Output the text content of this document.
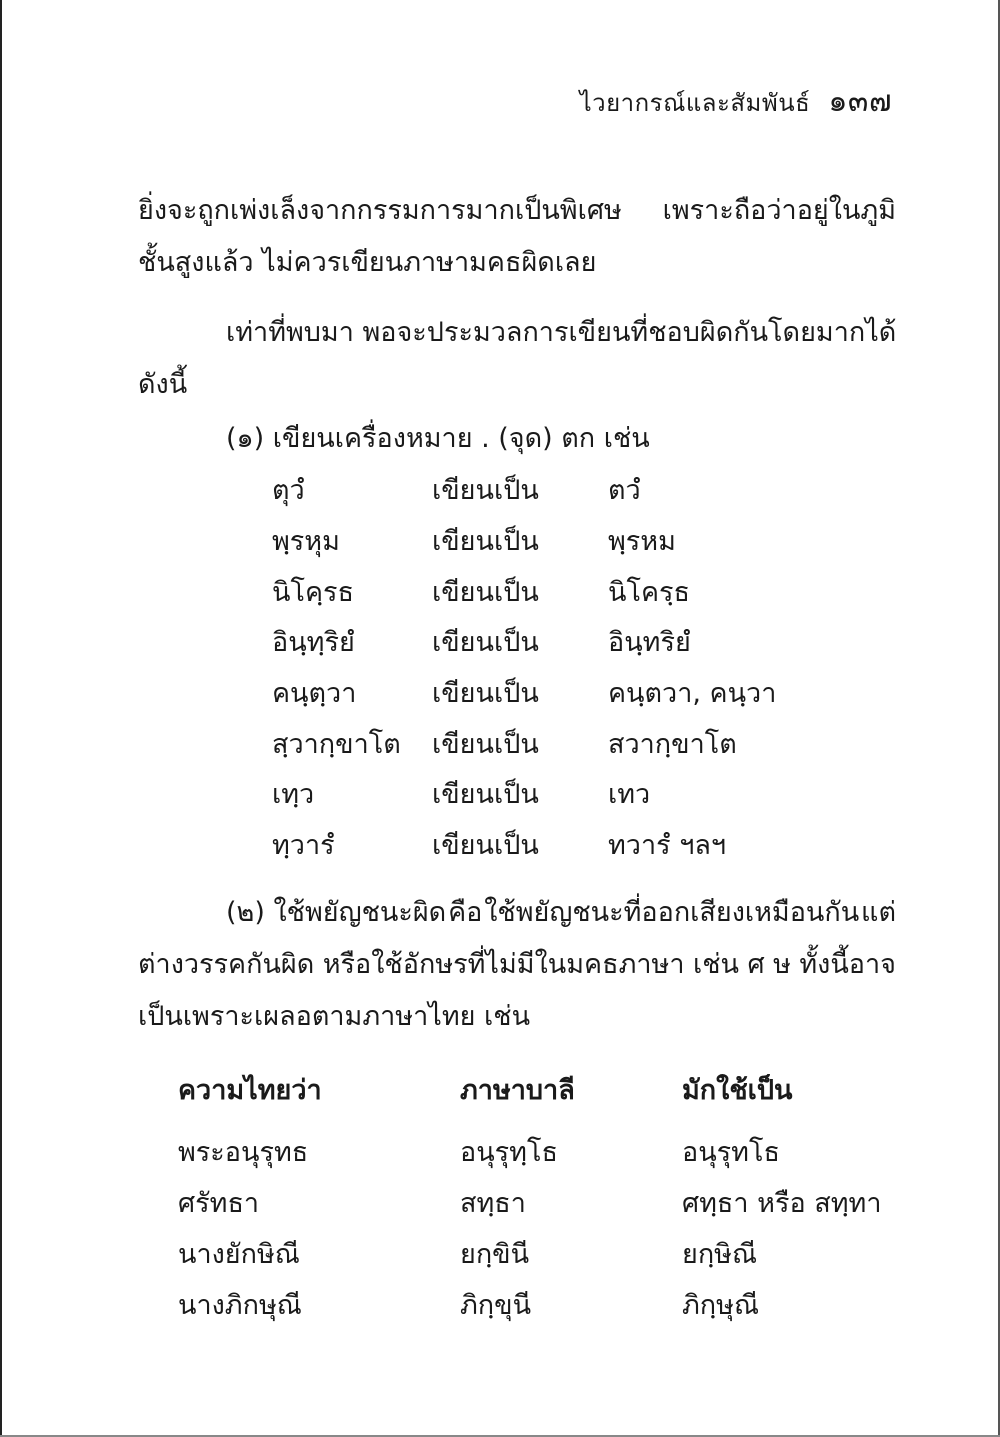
ไวยากรณ์และสัมพันธ์ ๑๓๗
ยิ่งจะถูกเพ่งเล็งจากกรรมการมากเป็นพิเศษ เพราะถือว่าอยู่ในภูมิ
ชั้นสูงแล้ว ไม่ควรเขียนภาษามคธผิดเลย
เท่าที่พบมา พอจะประมวลการเขียนที่ชอบผิดกันโดยมากได้
ดังนี้
(๑) เขียนเครื่องหมาย . (จุด) ตก เช่น
ตุวํ	เขียนเป็น	ตวํ
พฺรหุม	เขียนเป็น	พฺรหม
นิโคฺรธ	เขียนเป็น	นิโครฺธ
อินฺทฺริยํ	เขียนเป็น	อินฺทริยํ
คนฺตฺวา	เขียนเป็น	คนฺตวา, คนฺวา
สฺวากฺขาโต เขียนเป็น	สวากฺขาโต
เทฺว	เขียนเป็น	เทว
ทฺวารํ	เขียนเป็น	ทวารํ ฯลฯ
(๒) ใช้พยัญชนะผิด คือ ใช้พยัญชนะที่ออกเสียงเหมือนกัน แต่
ต่างวรรคกันผิด หรือใช้อักษรที่ไม่มีในมคธภาษา เช่น ศ ษ ทั้งนี้อาจ
เป็นเพราะเผลอตามภาษาไทย เช่น
ความไทยว่า	ภาษาบาลี	มักใช้เป็น
พระอนุรุทธ	อนุรุทฺโธ	อนุรุทโธ
ศรัทธา	สทฺธา	ศทฺธา หรือ สทฺทา
นางยักษิณี	ยกฺขินี	ยกฺษิณี
นางภิกษุณี	ภิกฺขุนี	ภิกฺษุณี
